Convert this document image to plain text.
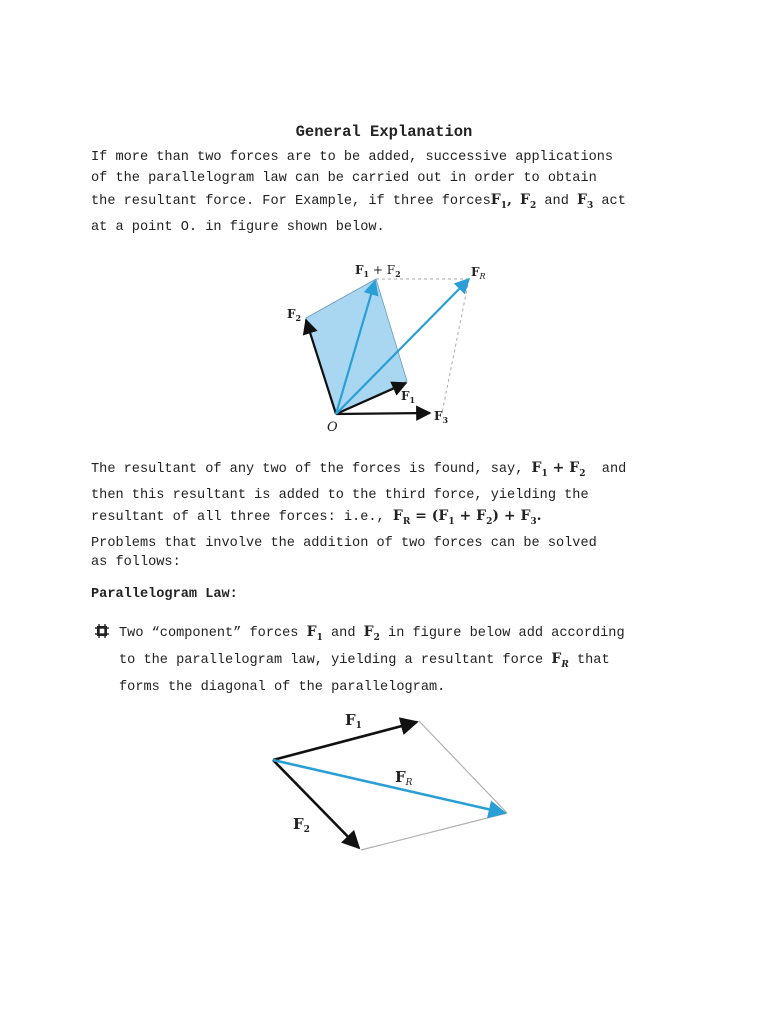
General Explanation
If more than two forces are to be added, successive applications
of the parallelogram law can be carried out in order to obtain
the resultant force. For Example, if three forcesF$_1$, $F_2$ and $F_3$ act
at a point O. in figure shown below.
$F_1 + F_2$	$F_R$
$F_2$
$F_1$
$F_3$
O
The resultant of any two of the forces is found, say, $F_1 + F_2$  and
then this resultant is added to the third force, yielding the
resultant of all three forces: i.e., $F_R = (F_1 + F_2) + F_3$.
Problems that involve the addition of two forces can be solved
as follows:
Parallelogram Law:
Two “component” forces $F_1$ and $F_2$ in figure below add according
to the parallelogram law, yielding a resultant force $F_R$ that
forms the diagonal of the parallelogram.
$F_1$
$F_R$
$F_2$
